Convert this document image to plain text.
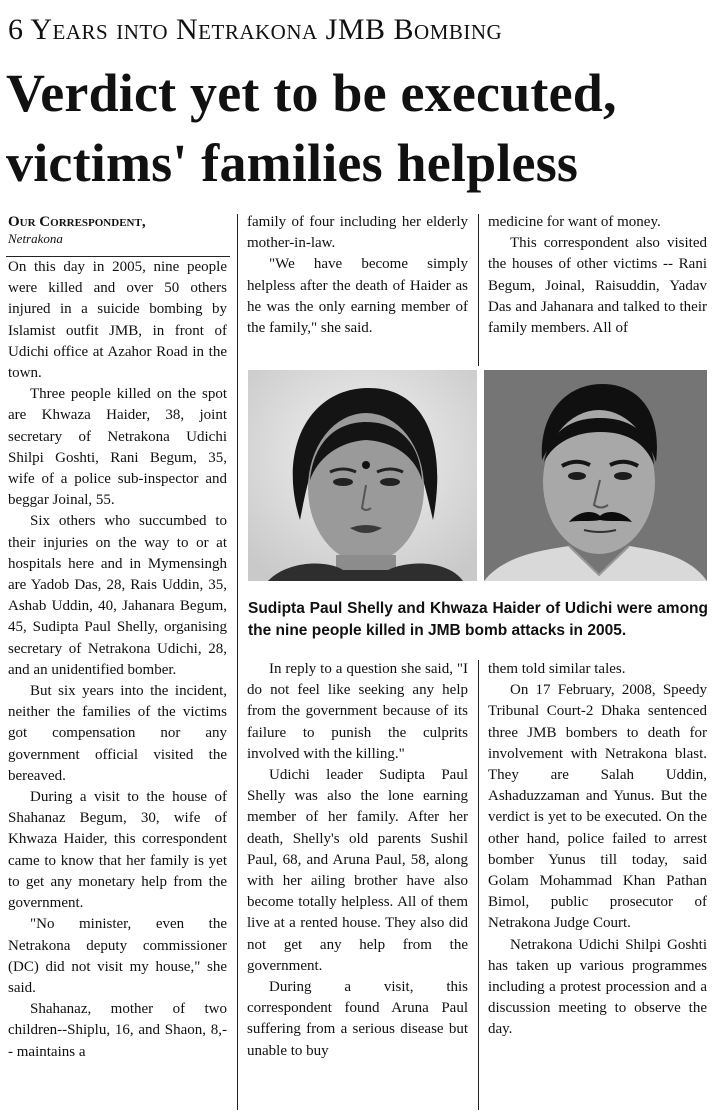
6 Years into Netrakona JMB Bombing
Verdict yet to be executed, victims' families helpless
Our Correspondent,
Netrakona

On this day in 2005, nine people were killed and over 50 others injured in a suicide bombing by Islamist outfit JMB, in front of Udichi office at Azahor Road in the town.

Three people killed on the spot are Khwaza Haider, 38, joint secretary of Netrakona Udichi Shilpi Goshti, Rani Begum, 35, wife of a police sub-inspector and beggar Joinal, 55.

Six others who succumbed to their injuries on the way to or at hospitals here and in Mymensingh are Yadob Das, 28, Rais Uddin, 35, Ashab Uddin, 40, Jahanara Begum, 45, Sudipta Paul Shelly, organising secretary of Netrakona Udichi, 28, and an unidentified bomber.

But six years into the incident, neither the families of the victims got compensation nor any government official visited the bereaved.

During a visit to the house of Shahanaz Begum, 30, wife of Khwaza Haider, this correspondent came to know that her family is yet to get any monetary help from the government.

"No minister, even the Netrakona deputy commissioner (DC) did not visit my house," she said.

Shahanaz, mother of two children--Shiplu, 16, and Shaon, 8,-- maintains a

family of four including her elderly mother-in-law.

"We have become simply helpless after the death of Haider as he was the only earning member of the family," she said.

medicine for want of money.

This correspondent also visited the houses of other victims -- Rani Begum, Joinal, Raisuddin, Yadav Das and Jahanara and talked to their family members. All of

Sudipta Paul Shelly and Khwaza Haider of Udichi were among the nine people killed in JMB bomb attacks in 2005.

In reply to a question she said, "I do not feel like seeking any help from the government because of its failure to punish the culprits involved with the killing."

Udichi leader Sudipta Paul Shelly was also the lone earning member of her family. After her death, Shelly's old parents Sushil Paul, 68, and Aruna Paul, 58, along with her ailing brother have also become totally helpless. All of them live at a rented house. They also did not get any help from the government.

During a visit, this correspondent found Aruna Paul suffering from a serious disease but unable to buy

them told similar tales.

On 17 February, 2008, Speedy Tribunal Court-2 Dhaka sentenced three JMB bombers to death for involvement with Netrakona blast. They are Salah Uddin, Ashaduzzaman and Yunus. But the verdict is yet to be executed. On the other hand, police failed to arrest bomber Yunus till today, said Golam Mohammad Khan Pathan Bimol, public prosecutor of Netrakona Judge Court.

Netrakona Udichi Shilpi Goshti has taken up various programmes including a protest procession and a discussion meeting to observe the day.
